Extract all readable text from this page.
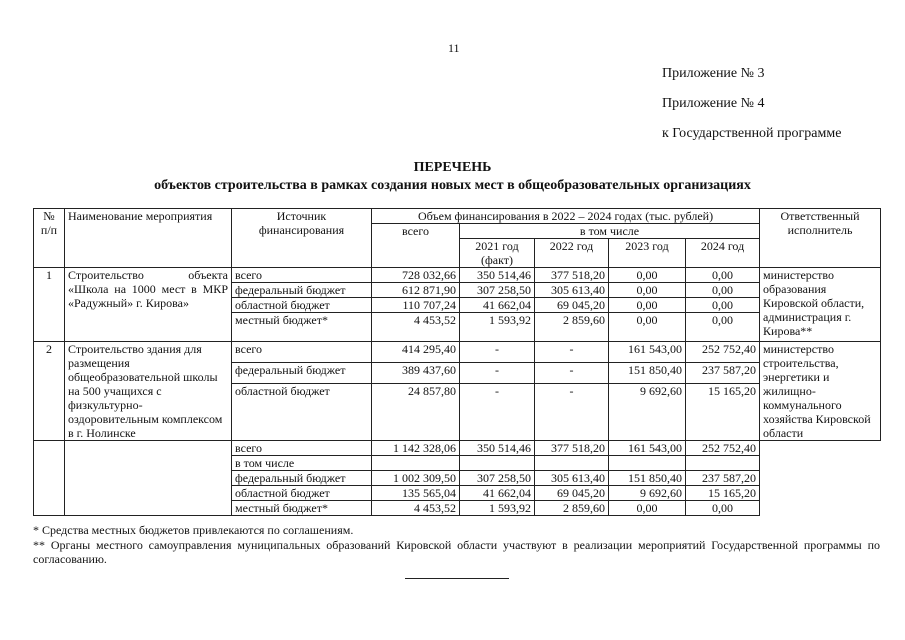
11
Приложение № 3
Приложение № 4
к Государственной программе
ПЕРЕЧЕНЬ
объектов строительства в рамках создания новых мест в общеобразовательных организациях
№ п/п	Наименование мероприятия	Источник финансирования	Объем финансирования в 2022 – 2024 годах (тыс. рублей)					Ответственный исполнитель
			всего	в том числе				
				2021 год (факт)	2022 год	2023 год	2024 год	
1	Строительство объекта «Школа на 1000 мест в МКР «Радужный» г. Кирова»	всего	728 032,66	350 514,46	377 518,20	0,00	0,00	министерство образования Кировской области, администрация г. Кирова**
		федеральный бюджет	612 871,90	307 258,50	305 613,40	0,00	0,00	
		областной бюджет	110 707,24	41 662,04	69 045,20	0,00	0,00	
		местный бюджет*	4 453,52	1 593,92	2 859,60	0,00	0,00	
2	Строительство здания для размещения общеобразовательной школы на 500 учащихся с физкультурно-оздоровительным комплексом в г. Нолинске	всего	414 295,40	-	-	161 543,00	252 752,40	министерство строительства, энергетики и жилищно-коммунального хозяйства Кировской области
		федеральный бюджет	389 437,60	-	-	151 850,40	237 587,20	
		областной бюджет	24 857,80	-	-	9 692,60	15 165,20	
		всего	1 142 328,06	350 514,46	377 518,20	161 543,00	252 752,40	
		в том числе						
		федеральный бюджет	1 002 309,50	307 258,50	305 613,40	151 850,40	237 587,20	
		областной бюджет	135 565,04	41 662,04	69 045,20	9 692,60	15 165,20	
		местный бюджет*	4 453,52	1 593,92	2 859,60	0,00	0,00	
* Средства местных бюджетов привлекаются по соглашениям.
** Органы местного самоуправления муниципальных образований Кировской области участвуют в реализации мероприятий Государственной программы по согласованию.
